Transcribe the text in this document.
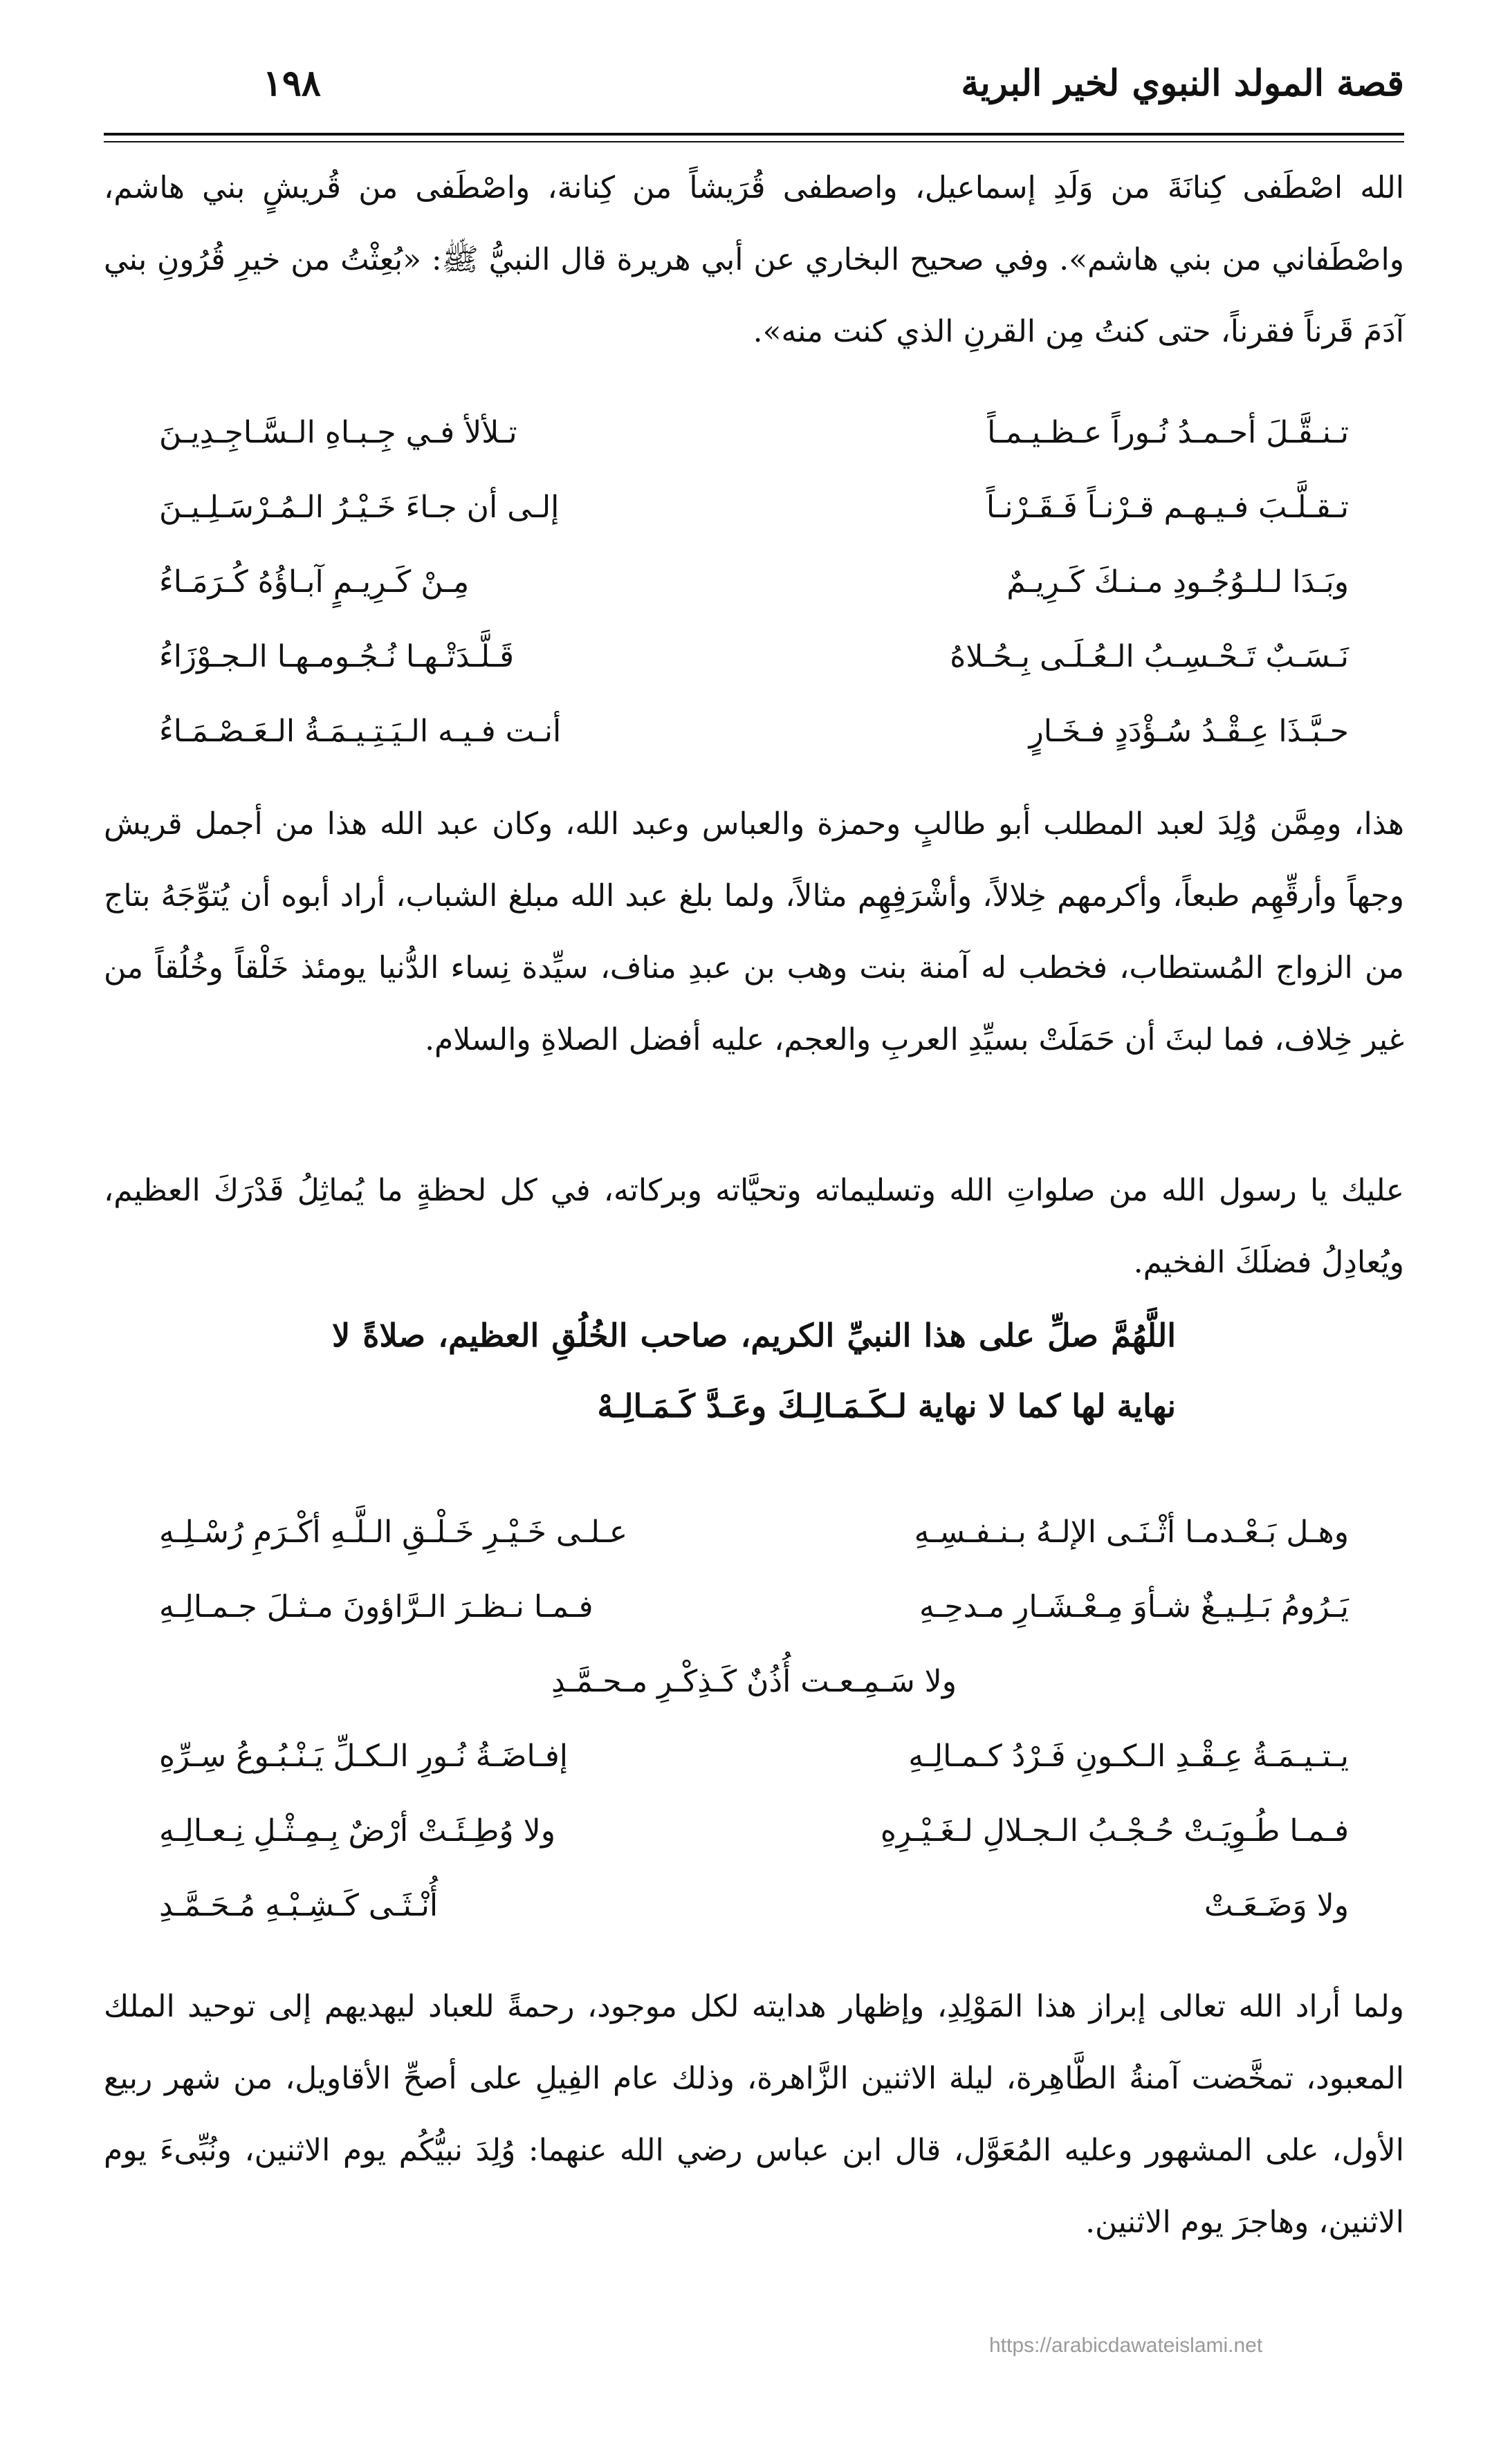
١٩٨	قصة المولد النبوي لخير البرية
الله اصْطَفى كِنانَةَ من وَلَدِ إسماعيل، واصطفى قُرَيشاً من كِنانة، واصْطَفى من قُريشٍ بني هاشم، واصْطَفاني من بني هاشم». وفي صحيح البخاري عن أبي هريرة قال النبيُّ ﷺ: «بُعِثْتُ من خيرِ قُرُونِ بني آدَمَ قَرناً فقرناً، حتى كنتُ مِن القرنِ الذي كنت منه».
تـنـقَّـلَ أحـمـدُ نُـوراً عـظـيـمـاً
تـلألأ فـي جِـبـاهِ الـسَّـاجِـدِيـنَ
تـقـلَّـبَ فـيـهـم قـرْنـاً فَـقَـرْنـاً
إلـى أن جـاءَ خَـيْـرُ الـمُـرْسَـلِـيـنَ
وبَـدَا لـلـوُجُـودِ مـنـكَ كَـرِيـمٌ
مِـنْ كَـرِيـمٍ آبـاؤُهُ كُـرَمَـاءُ
نَـسَـبٌ تَـحْـسِـبُ الـعُـلَـى بِـحُـلاهُ
قَـلَّـدَتْـهـا نُـجُـومـهـا الـجـوْزَاءُ
حـبَّـذَا عِـقْـدُ سُـؤْدَدٍ فـخَـارٍ
أنـت فـيـه الـيَـتِـيـمَـةُ الـعَـصْـمَـاءُ
هذا، ومِمَّن وُلِدَ لعبد المطلب أبو طالبٍ وحمزة والعباس وعبد الله، وكان عبد الله هذا من أجمل قريش وجهاً وأرقِّهِم طبعاً، وأكرمهم خِلالاً، وأشْرَفِهِم مثالاً، ولما بلغ عبد الله مبلغ الشباب، أراد أبوه أن يُتوِّجَهُ بتاج من الزواج المُستطاب، فخطب له آمنة بنت وهب بن عبدِ مناف، سيِّدة نِساء الدُّنيا يومئذ خَلْقاً وخُلُقاً من غير خِلاف، فما لبثَ أن حَمَلَتْ بسيِّدِ العربِ والعجم، عليه أفضل الصلاةِ والسلام.
عليك يا رسول الله من صلواتِ الله وتسليماته وتحيَّاته وبركاته، في كل لحظةٍ ما يُماثِلُ قَدْرَكَ العظيم، ويُعادِلُ فضلَكَ الفخيم.
اللَّهُمَّ صلِّ على هذا النبيِّ الكريم، صاحب الخُلُقِ العظيم، صلاةً لا نهاية لها كما لا نهاية لـكَـمَـالِـكَ وعَـدَّ كَـمَـالِـهْ
وهـل بَـعْـدمـا أثْـنَـى الإلـهُ بـنـفـسِـهِ
عـلـى خَـيْـرِ خَـلْـقِ الـلَّـهِ أكْـرَمِ رُسْـلِـهِ
يَـرُومُ بَـلِـيـغٌ شـأوَ مِـعْـشَـارِ مـدحِـهِ
فـمـا نـظـرَ الـرَّاؤونَ مـثـلَ جـمـالِـهِ
ولا سَـمِـعـت أُذُنٌ كَـذِكْـرِ مـحـمَّـدِ
يـتـيـمَـةُ عِـقْـدِ الـكـونِ فَـرْدُ كـمـالِـهِ
إفـاضَـةُ نُـورِ الـكـلِّ يَـنْـبُـوعُ سِـرِّهِ
فـمـا طُـوِيَـتْ حُـجْـبُ الـجـلالِ لـغَـيْـرِهِ
ولا وُطِـئَـتْ أرْضٌ بِـمِـثْـلِ نِـعـالِـهِ
ولا وَضَـعَـتْ
أُنْـثَـى كَـشِـبْـهِ مُـحَـمَّـدِ
ولما أراد الله تعالى إبراز هذا المَوْلِدِ، وإظهار هدايته لكل موجود، رحمةً للعباد ليهديهم إلى توحيد الملك المعبود، تمخَّضت آمنةُ الطَّاهِرة، ليلة الاثنين الزَّاهرة، وذلك عام الفِيلِ على أصحِّ الأقاويل، من شهر ربيع الأول، على المشهور وعليه المُعَوَّل، قال ابن عباس رضي الله عنهما: وُلِدَ نبيُّكُم يوم الاثنين، ونُبِّىءَ يوم الاثنين، وهاجرَ يوم الاثنين.
https://arabicdawateislami.net
